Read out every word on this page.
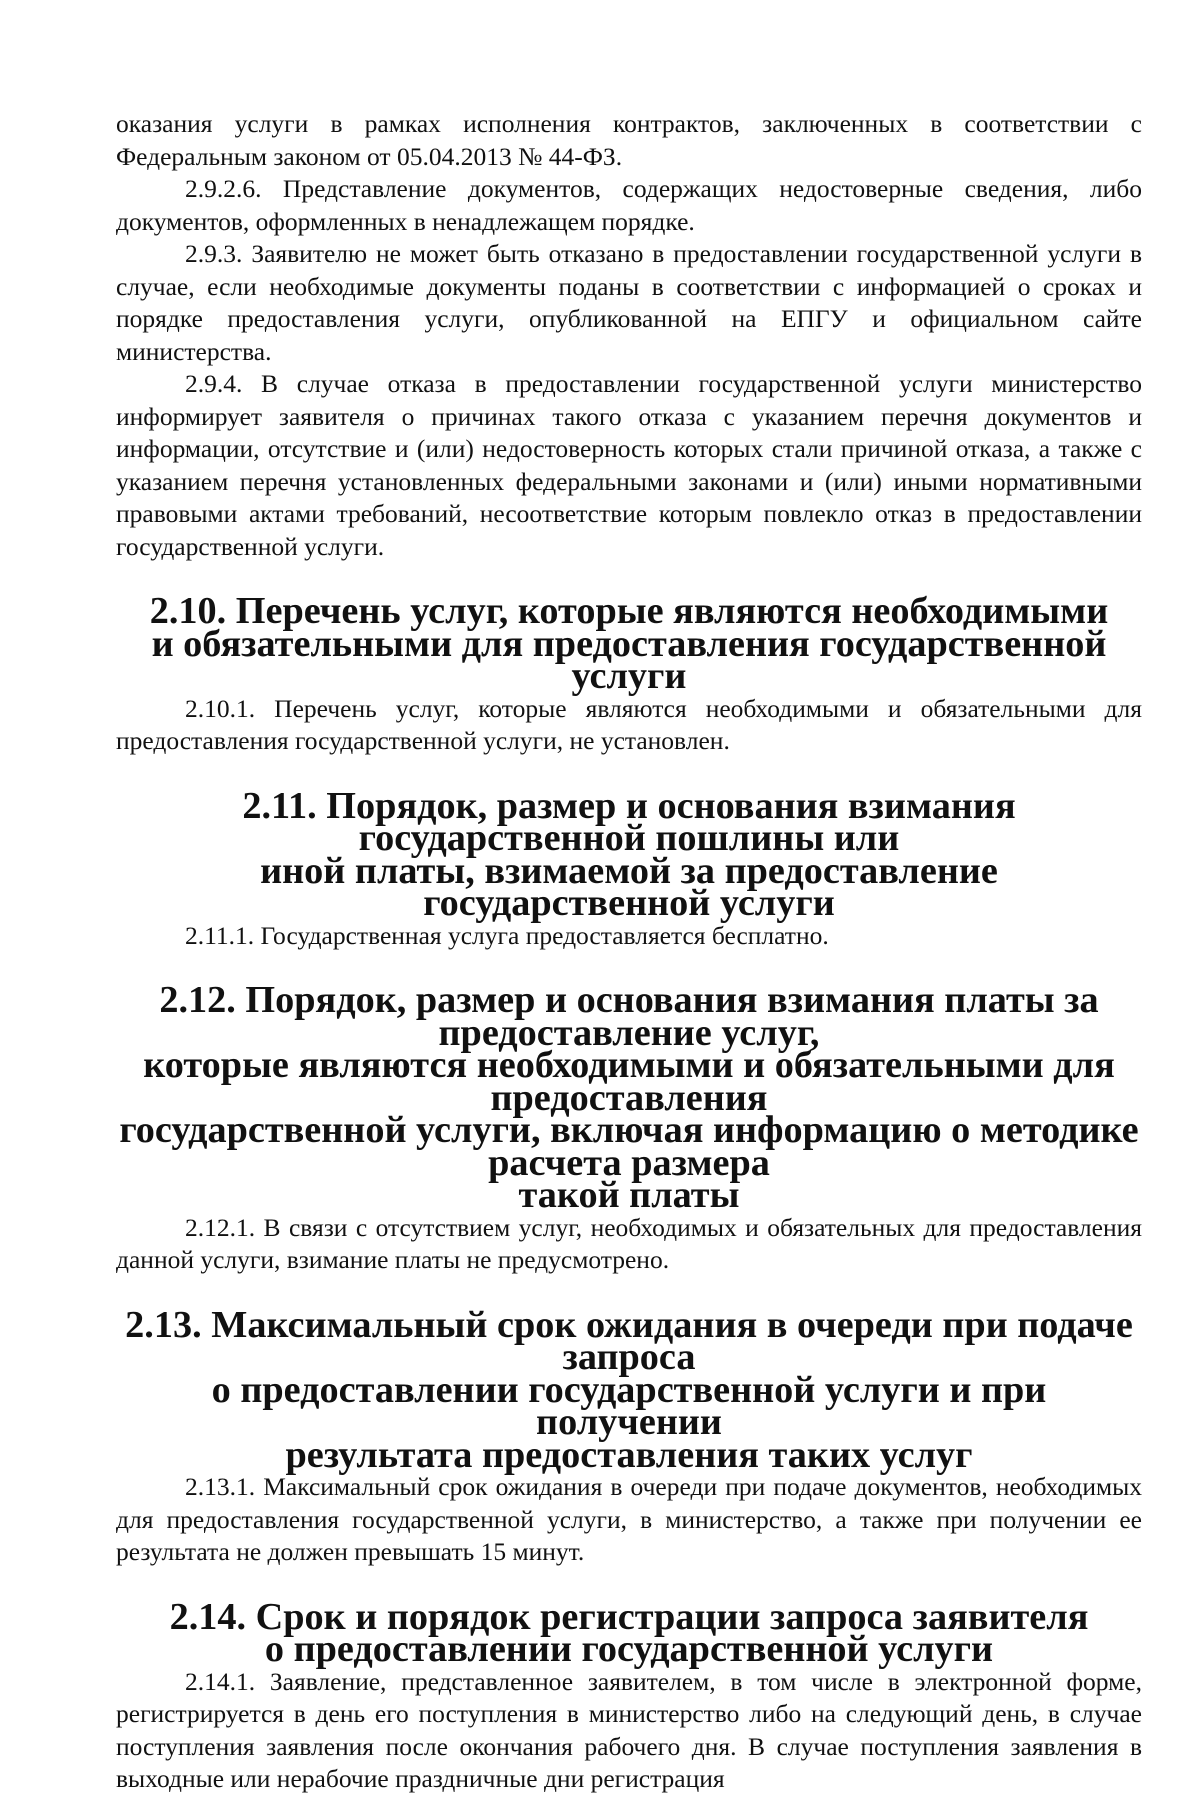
оказания услуги в рамках исполнения контрактов, заключенных в соответствии с Федеральным законом от 05.04.2013 № 44-ФЗ.

2.9.2.6. Представление документов, содержащих недостоверные сведения, либо документов, оформленных в ненадлежащем порядке.

2.9.3. Заявителю не может быть отказано в предоставлении государственной услуги в случае, если необходимые документы поданы в соответствии с информацией о сроках и порядке предоставления услуги, опубликованной на ЕПГУ и официальном сайте министерства.

2.9.4. В случае отказа в предоставлении государственной услуги министерство информирует заявителя о причинах такого отказа с указанием перечня документов и информации, отсутствие и (или) недостоверность которых стали причиной отказа, а также с указанием перечня установленных федеральными законами и (или) иными нормативными правовыми актами требований, несоответствие которым повлекло отказ в предоставлении государственной услуги.

2.10. Перечень услуг, которые являются необходимыми
и обязательными для предоставления государственной услуги

2.10.1. Перечень услуг, которые являются необходимыми и обязательными для предоставления государственной услуги, не установлен.

2.11. Порядок, размер и основания взимания государственной пошлины или
иной платы, взимаемой за предоставление государственной услуги

2.11.1. Государственная услуга предоставляется бесплатно.

2.12. Порядок, размер и основания взимания платы за предоставление услуг,
которые являются необходимыми и обязательными для предоставления
государственной услуги, включая информацию о методике расчета размера
такой платы

2.12.1. В связи с отсутствием услуг, необходимых и обязательных для предоставления данной услуги, взимание платы не предусмотрено.

2.13. Максимальный срок ожидания в очереди при подаче запроса
о предоставлении государственной услуги и при получении
результата предоставления таких услуг

2.13.1. Максимальный срок ожидания в очереди при подаче документов, необходимых для предоставления государственной услуги, в министерство, а также при получении ее результата не должен превышать 15 минут.

2.14. Срок и порядок регистрации запроса заявителя
о предоставлении государственной услуги

2.14.1. Заявление, представленное заявителем, в том числе в электронной форме, регистрируется в день его поступления в министерство либо на следующий день, в случае поступления заявления после окончания рабочего дня. В случае поступления заявления в выходные или нерабочие праздничные дни регистрация
